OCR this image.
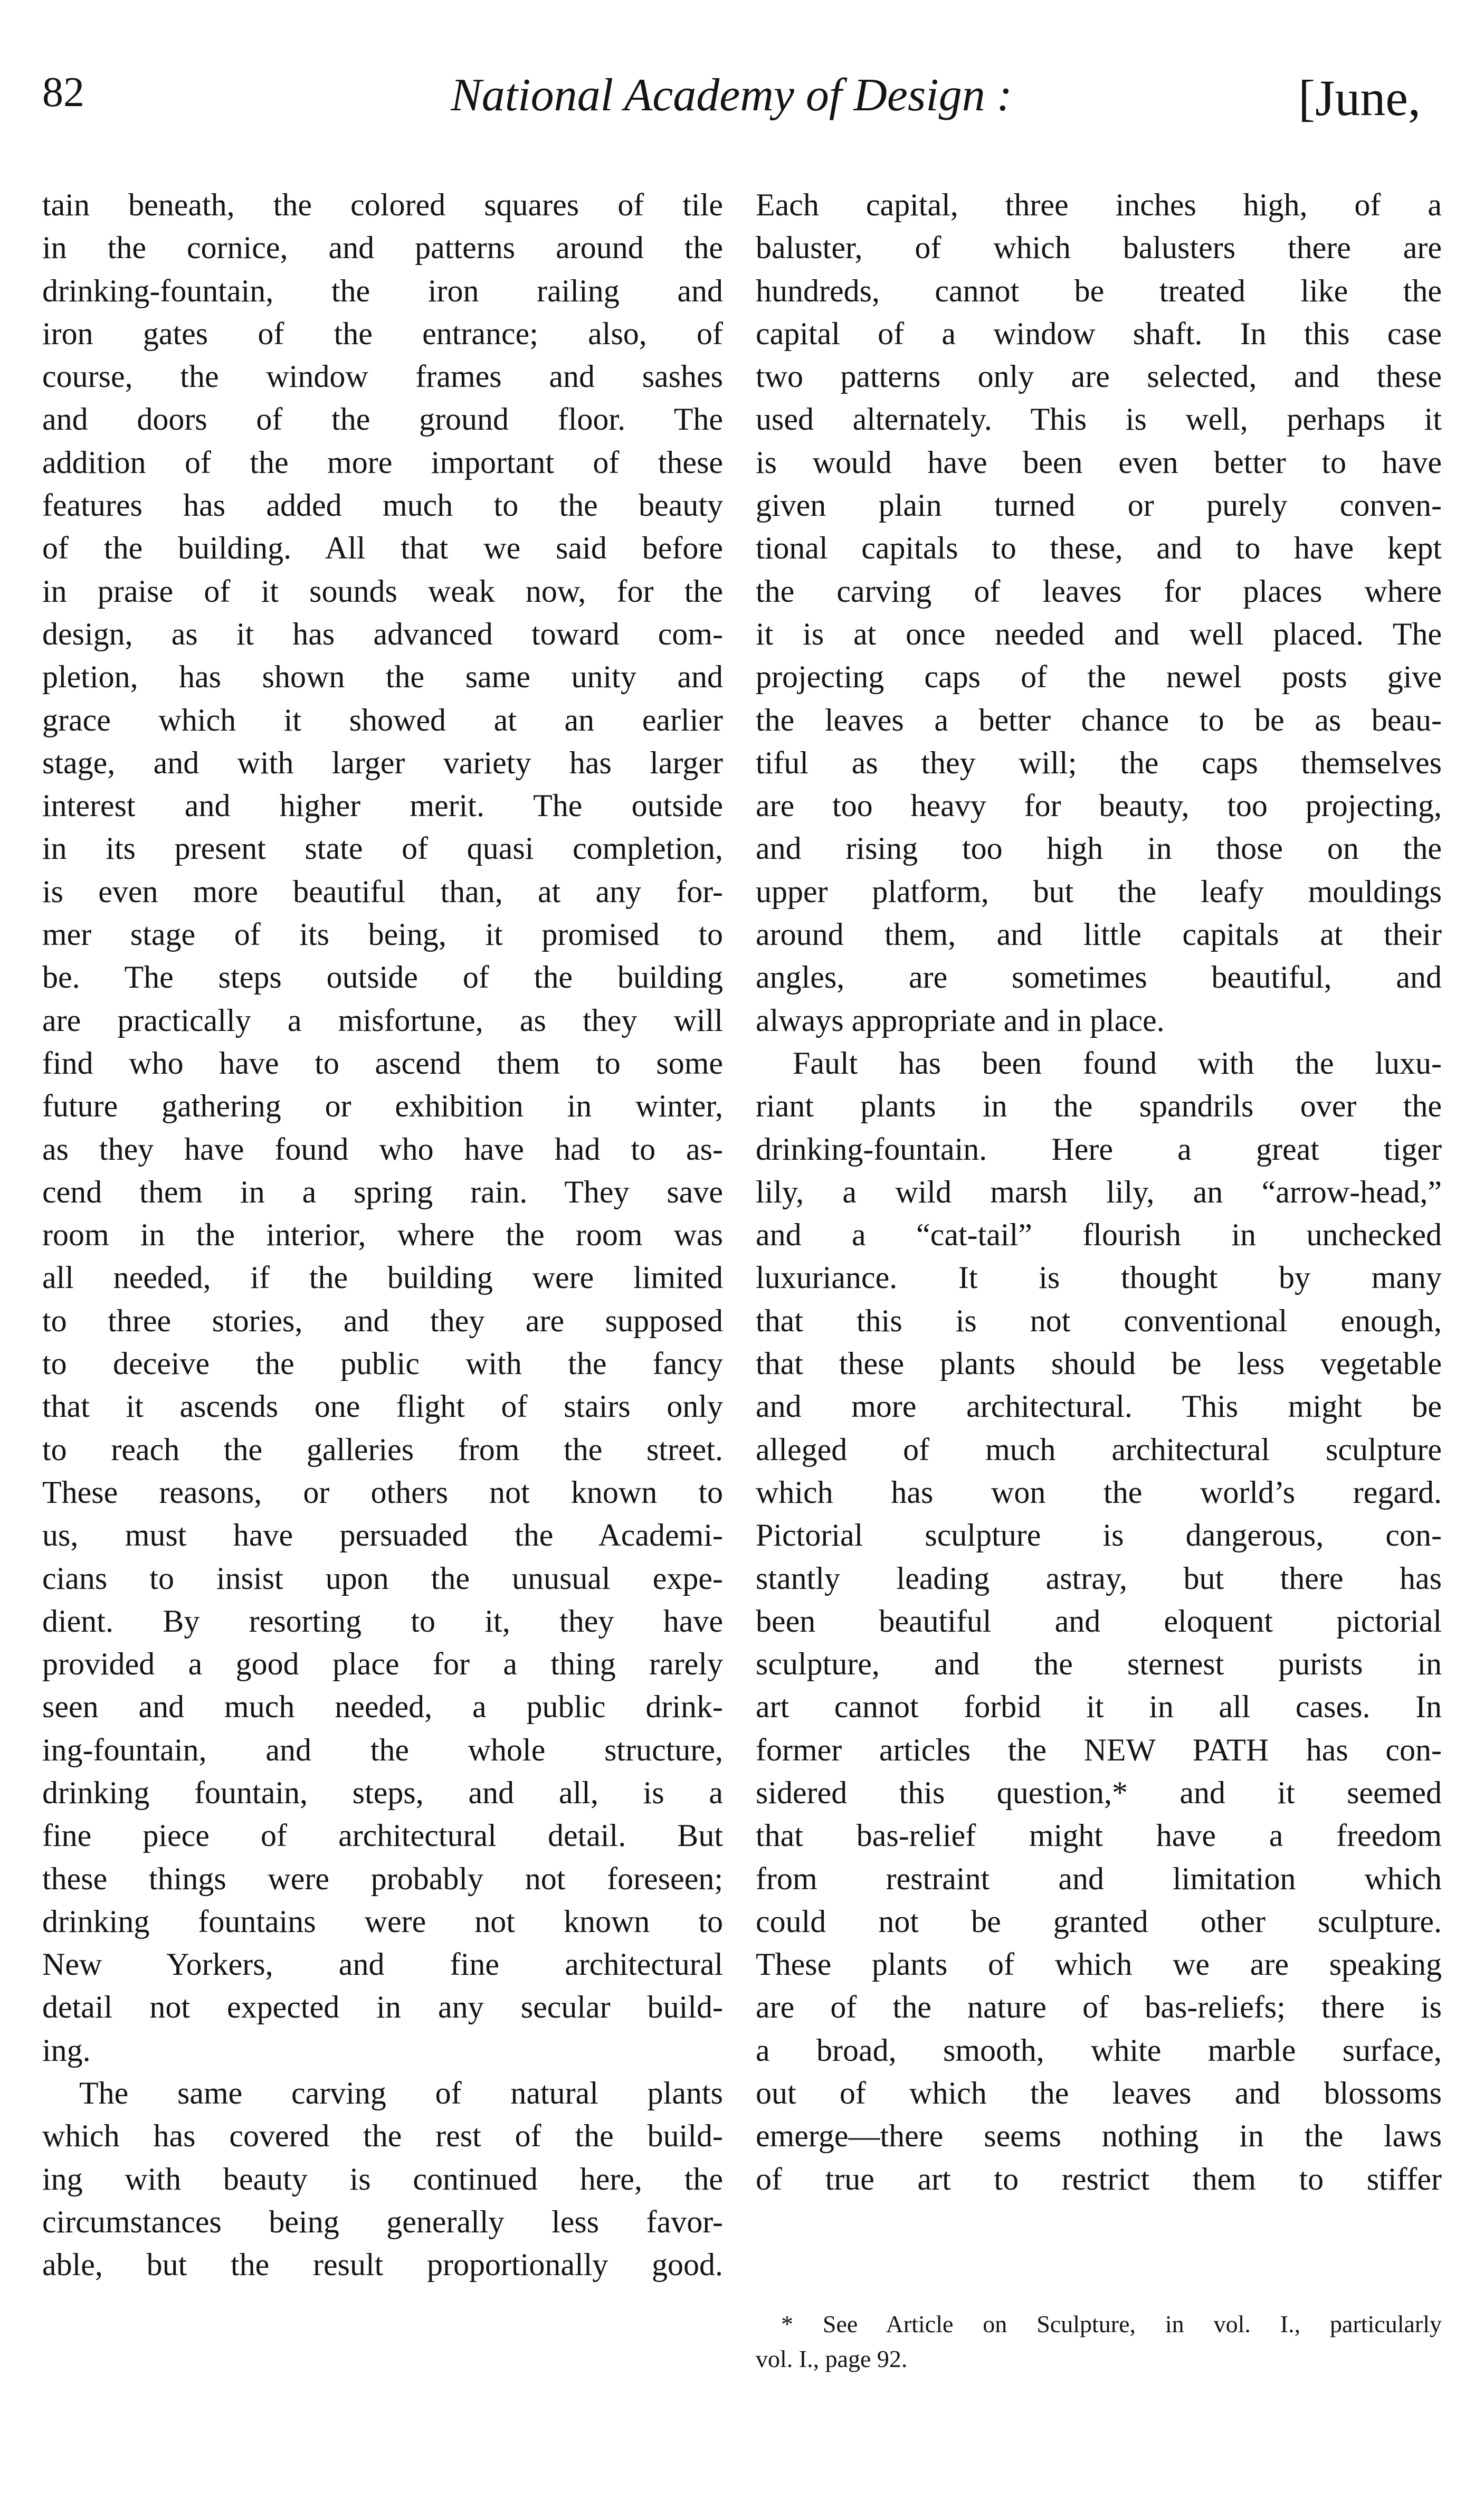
82	National Academy of Design :	[June,
tain beneath, the colored squares of tile
in the cornice, and patterns around the
drinking-fountain, the iron railing and
iron gates of the entrance; also, of
course, the window frames and sashes
and doors of the ground floor. The
addition of the more important of these
features has added much to the beauty
of the building. All that we said before
in praise of it sounds weak now, for the
design, as it has advanced toward com-
pletion, has shown the same unity and
grace which it showed at an earlier
stage, and with larger variety has larger
interest and higher merit. The outside
in its present state of quasi completion,
is even more beautiful than, at any for-
mer stage of its being, it promised to
be. The steps outside of the building
are practically a misfortune, as they will
find who have to ascend them to some
future gathering or exhibition in winter,
as they have found who have had to as-
cend them in a spring rain. They save
room in the interior, where the room was
all needed, if the building were limited
to three stories, and they are supposed
to deceive the public with the fancy
that it ascends one flight of stairs only
to reach the galleries from the street.
These reasons, or others not known to
us, must have persuaded the Academi-
cians to insist upon the unusual expe-
dient. By resorting to it, they have
provided a good place for a thing rarely
seen and much needed, a public drink-
ing-fountain, and the whole structure,
drinking fountain, steps, and all, is a
fine piece of architectural detail. But
these things were probably not foreseen;
drinking fountains were not known to
New Yorkers, and fine architectural
detail not expected in any secular build-
ing.
The same carving of natural plants
which has covered the rest of the build-
ing with beauty is continued here, the
circumstances being generally less favor-
able, but the result proportionally good.
Each capital, three inches high, of a
baluster, of which balusters there are
hundreds, cannot be treated like the
capital of a window shaft. In this case
two patterns only are selected, and these
used alternately. This is well, perhaps it
is would have been even better to have
given plain turned or purely conven-
tional capitals to these, and to have kept
the carving of leaves for places where
it is at once needed and well placed. The
projecting caps of the newel posts give
the leaves a better chance to be as beau-
tiful as they will; the caps themselves
are too heavy for beauty, too projecting,
and rising too high in those on the
upper platform, but the leafy mouldings
around them, and little capitals at their
angles, are sometimes beautiful, and
always appropriate and in place.
Fault has been found with the luxu-
riant plants in the spandrils over the
drinking-fountain. Here a great tiger
lily, a wild marsh lily, an “arrow-head,”
and a “cat-tail” flourish in unchecked
luxuriance. It is thought by many
that this is not conventional enough,
that these plants should be less vegetable
and more architectural. This might be
alleged of much architectural sculpture
which has won the world’s regard.
Pictorial sculpture is dangerous, con-
stantly leading astray, but there has
been beautiful and eloquent pictorial
sculpture, and the sternest purists in
art cannot forbid it in all cases. In
former articles the NEW PATH has con-
sidered this question,* and it seemed
that bas-relief might have a freedom
from restraint and limitation which
could not be granted other sculpture.
These plants of which we are speaking
are of the nature of bas-reliefs; there is
a broad, smooth, white marble surface,
out of which the leaves and blossoms
emerge—there seems nothing in the laws
of true art to restrict them to stiffer
* See Article on Sculpture, in vol. I., particularly
vol. I., page 92.
